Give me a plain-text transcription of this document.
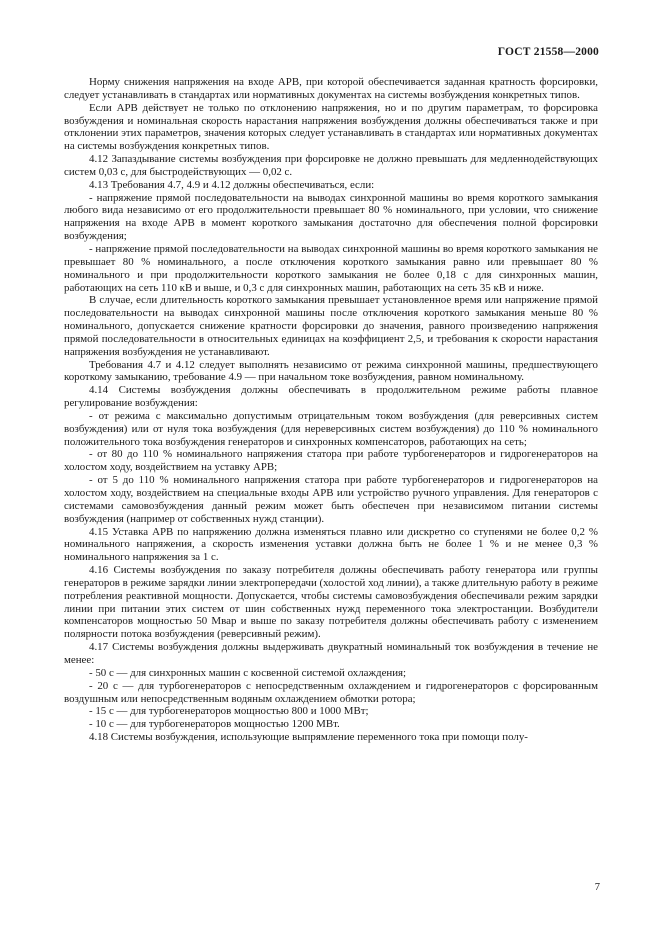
ГОСТ 21558—2000

Норму снижения напряжения на входе АРВ, при которой обеспечивается заданная кратность форсировки, следует устанавливать в стандартах или нормативных документах на системы возбуждения конкретных типов.

Если АРВ действует не только по отклонению напряжения, но и по другим параметрам, то форсировка возбуждения и номинальная скорость нарастания напряжения возбуждения должны обеспечиваться также и при отклонении этих параметров, значения которых следует устанавливать в стандартах или нормативных документах на системы возбуждения конкретных типов.

4.12 Запаздывание системы возбуждения при форсировке не должно превышать для медленнодействующих систем 0,03 с, для быстродействующих — 0,02 с.

4.13 Требования 4.7, 4.9 и 4.12 должны обеспечиваться, если:

- напряжение прямой последовательности на выводах синхронной машины во время короткого замыкания любого вида независимо от его продолжительности превышает 80 % номинального, при условии, что снижение напряжения на входе АРВ в момент короткого замыкания достаточно для обеспечения полной форсировки возбуждения;

- напряжение прямой последовательности на выводах синхронной машины во время короткого замыкания не превышает 80 % номинального, а после отключения короткого замыкания равно или превышает 80 % номинального и при продолжительности короткого замыкания не более 0,18 с для синхронных машин, работающих на сеть 110 кВ и выше, и 0,3 с для синхронных машин, работающих на сеть 35 кВ и ниже.

В случае, если длительность короткого замыкания превышает установленное время или напряжение прямой последовательности на выводах синхронной машины после отключения короткого замыкания меньше 80 % номинального, допускается снижение кратности форсировки до значения, равного произведению напряжения прямой последовательности в относительных единицах на коэффициент 2,5, и требования к скорости нарастания напряжения возбуждения не устанавливают.

Требования 4.7 и 4.12 следует выполнять независимо от режима синхронной машины, предшествующего короткому замыканию, требование 4.9 — при начальном токе возбуждения, равном номинальному.

4.14 Системы возбуждения должны обеспечивать в продолжительном режиме работы плавное регулирование возбуждения:

- от режима с максимально допустимым отрицательным током возбуждения (для реверсивных систем возбуждения) или от нуля тока возбуждения (для нереверсивных систем возбуждения) до 110 % номинального положительного тока возбуждения генераторов и синхронных компенсаторов, работающих на сеть;

- от 80 до 110 % номинального напряжения статора при работе турбогенераторов и гидрогенераторов на холостом ходу, воздействием на уставку АРВ;

- от 5 до 110 % номинального напряжения статора при работе турбогенераторов и гидрогенераторов на холостом ходу, воздействием на специальные входы АРВ или устройство ручного управления. Для генераторов с системами самовозбуждения данный режим может быть обеспечен при независимом питании системы возбуждения (например от собственных нужд станции).

4.15 Уставка АРВ по напряжению должна изменяться плавно или дискретно со ступенями не более 0,2 % номинального напряжения, а скорость изменения уставки должна быть не более 1 % и не менее 0,3 % номинального напряжения за 1 с.

4.16 Системы возбуждения по заказу потребителя должны обеспечивать работу генератора или группы генераторов в режиме зарядки линии электропередачи (холостой ход линии), а также длительную работу в режиме потребления реактивной мощности. Допускается, чтобы системы самовозбуждения обеспечивали режим зарядки линии при питании этих систем от шин собственных нужд переменного тока электростанции. Возбудители компенсаторов мощностью 50 Мвар и выше по заказу потребителя должны обеспечивать работу с изменением полярности потока возбуждения (реверсивный режим).

4.17 Системы возбуждения должны выдерживать двукратный номинальный ток возбуждения в течение не менее:

- 50 с — для синхронных машин с косвенной системой охлаждения;

- 20 с — для турбогенераторов с непосредственным охлаждением и гидрогенераторов с форсированным воздушным или непосредственным водяным охлаждением обмотки ротора;

- 15 с — для турбогенераторов мощностью 800 и 1000 МВт;

- 10 с — для турбогенераторов мощностью 1200 МВт.

4.18 Системы возбуждения, использующие выпрямление переменного тока при помощи полу-

7
